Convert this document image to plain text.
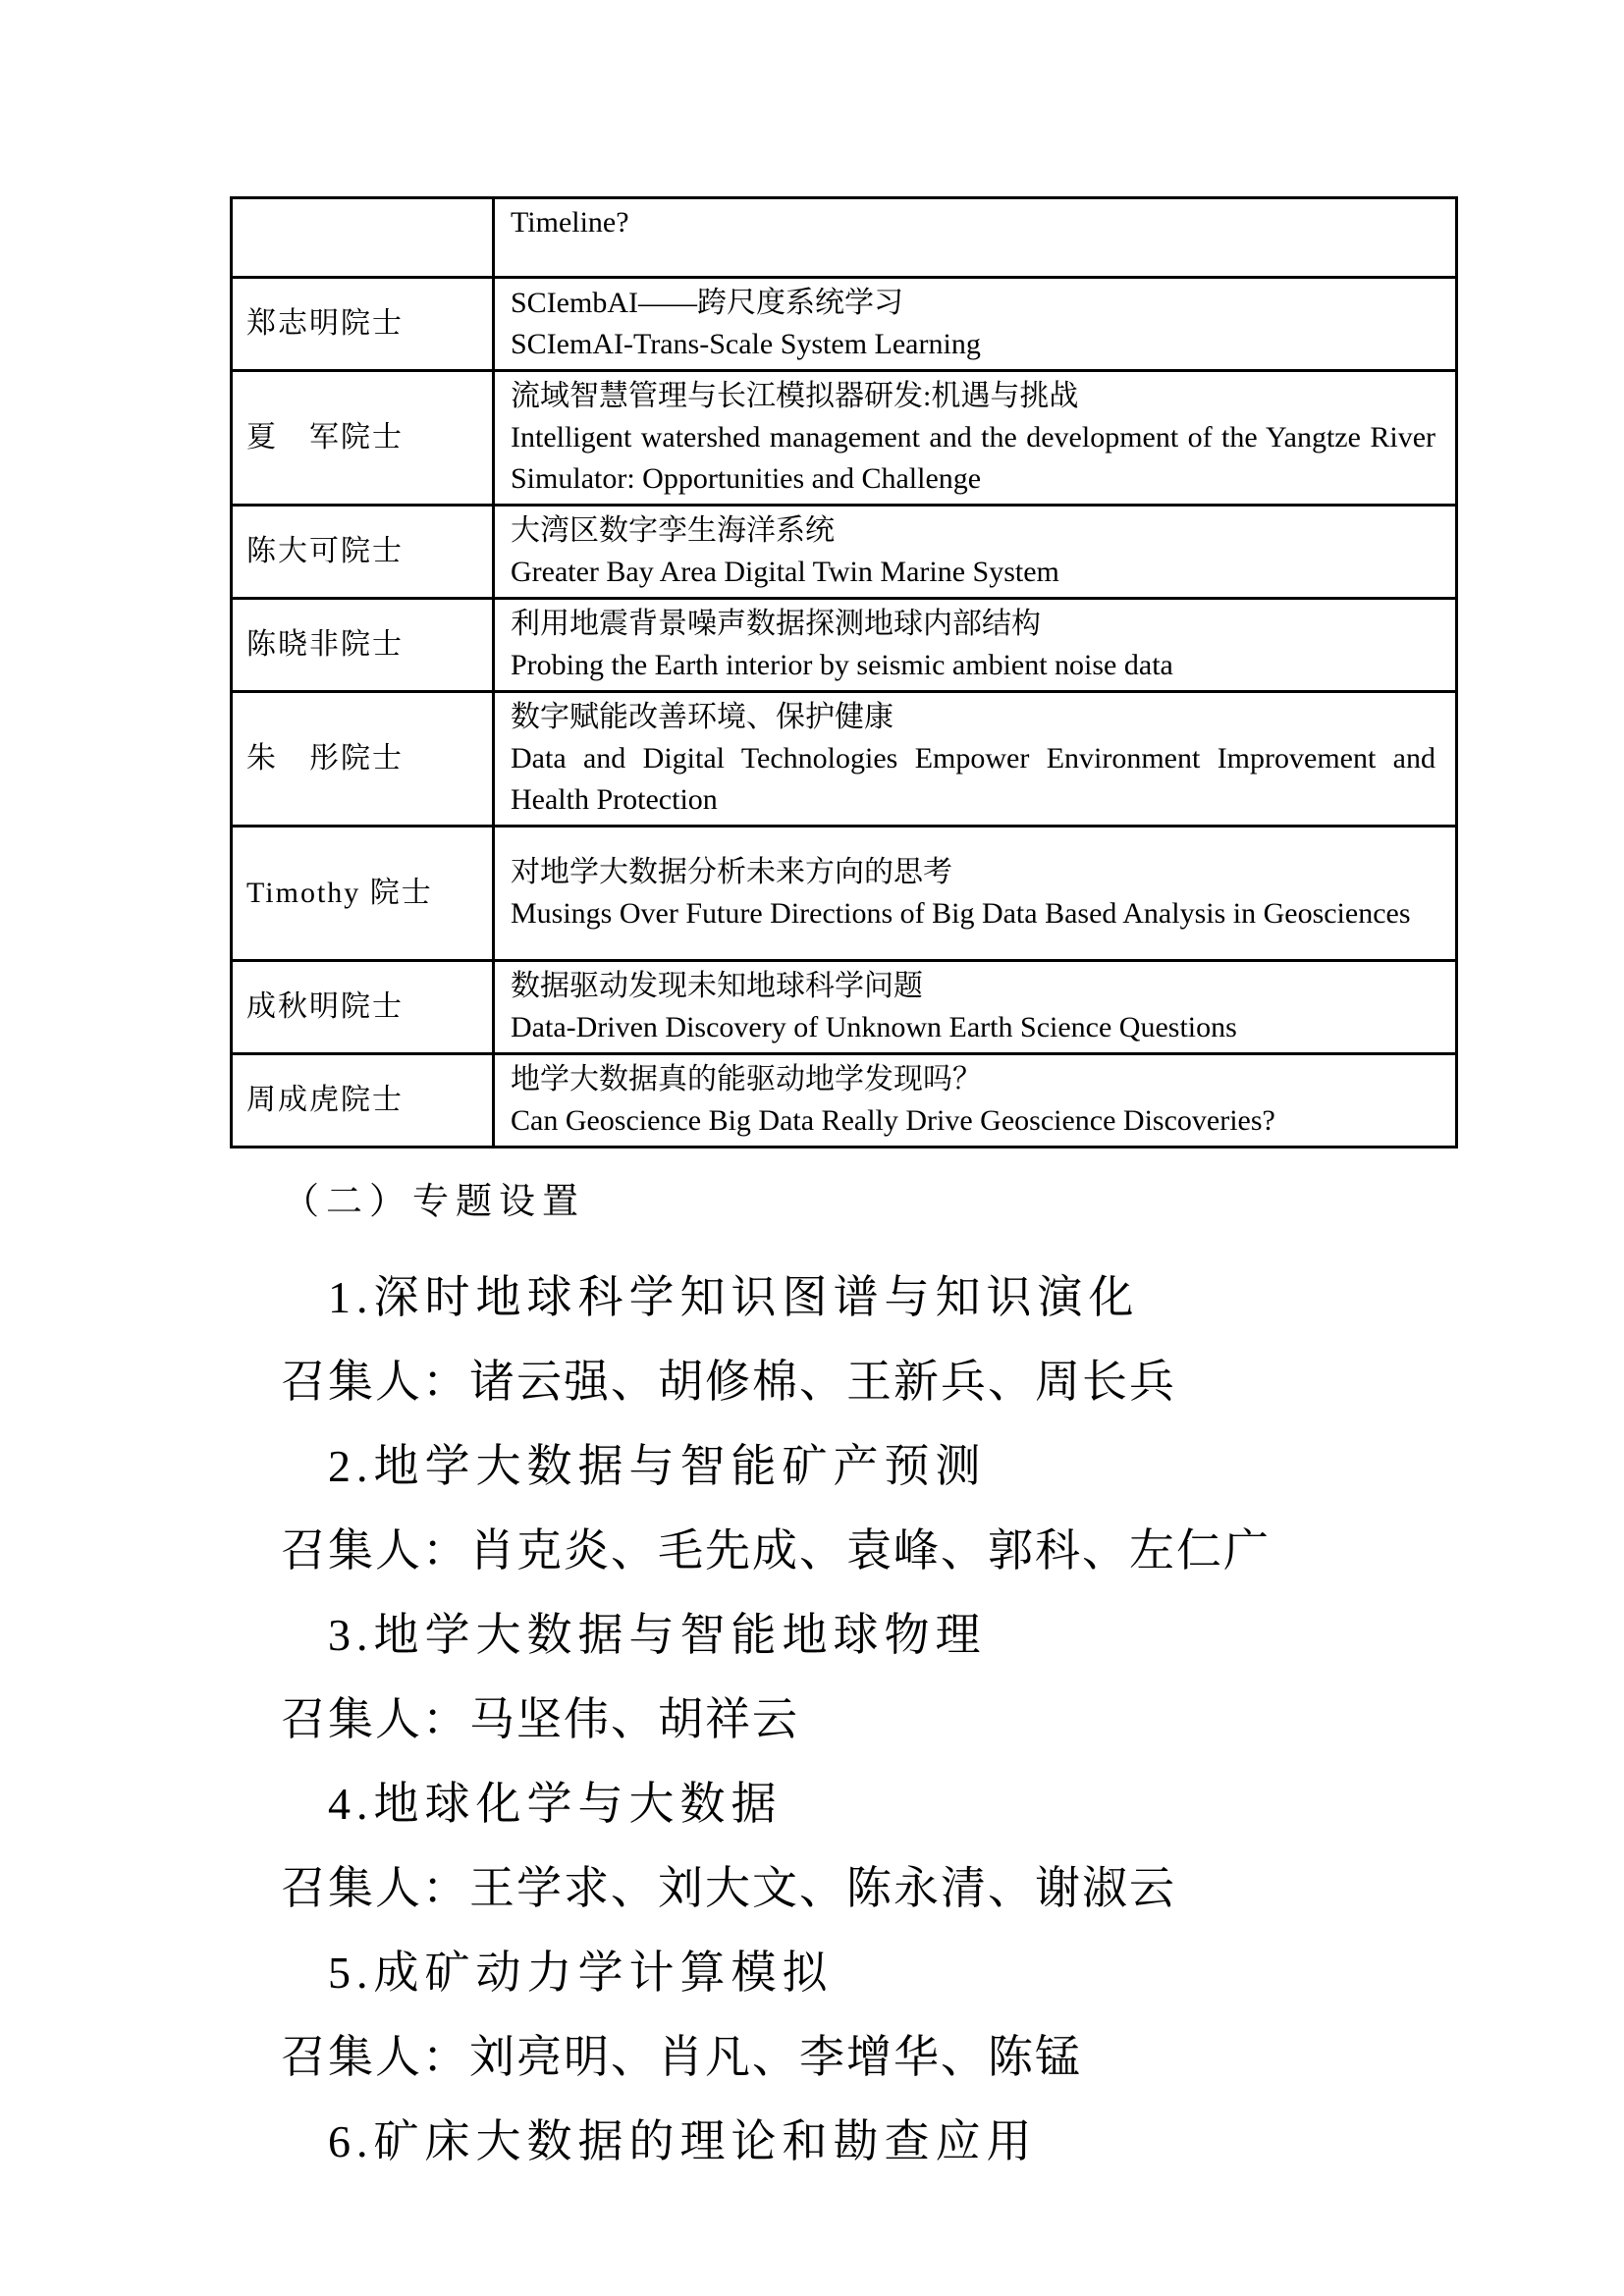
	Timeline?

郑志明院士	SCIembAI——跨尺度系统学习
SCIemAI-Trans-Scale System Learning

夏　军院士	流域智慧管理与长江模拟器研发:机遇与挑战
Intelligent watershed management and the development of the Yangtze River Simulator: Opportunities and Challenge

陈大可院士	大湾区数字孪生海洋系统
Greater Bay Area Digital Twin Marine System

陈晓非院士	利用地震背景噪声数据探测地球内部结构
Probing the Earth interior by seismic ambient noise data

朱　彤院士	数字赋能改善环境、保护健康
Data and Digital Technologies Empower Environment Improvement and Health Protection

Timothy 院士	对地学大数据分析未来方向的思考
Musings Over Future Directions of Big Data Based Analysis in Geosciences

成秋明院士	数据驱动发现未知地球科学问题
Data-Driven Discovery of Unknown Earth Science Questions

周成虎院士	地学大数据真的能驱动地学发现吗？
Can Geoscience Big Data Really Drive Geoscience Discoveries?
（二）专题设置
1.深时地球科学知识图谱与知识演化
召集人：诸云强、胡修棉、王新兵、周长兵
2.地学大数据与智能矿产预测
召集人：肖克炎、毛先成、袁峰、郭科、左仁广
3.地学大数据与智能地球物理
召集人：马坚伟、胡祥云
4.地球化学与大数据
召集人：王学求、刘大文、陈永清、谢淑云
5.成矿动力学计算模拟
召集人：刘亮明、肖凡、李增华、陈锰
6.矿床大数据的理论和勘查应用
